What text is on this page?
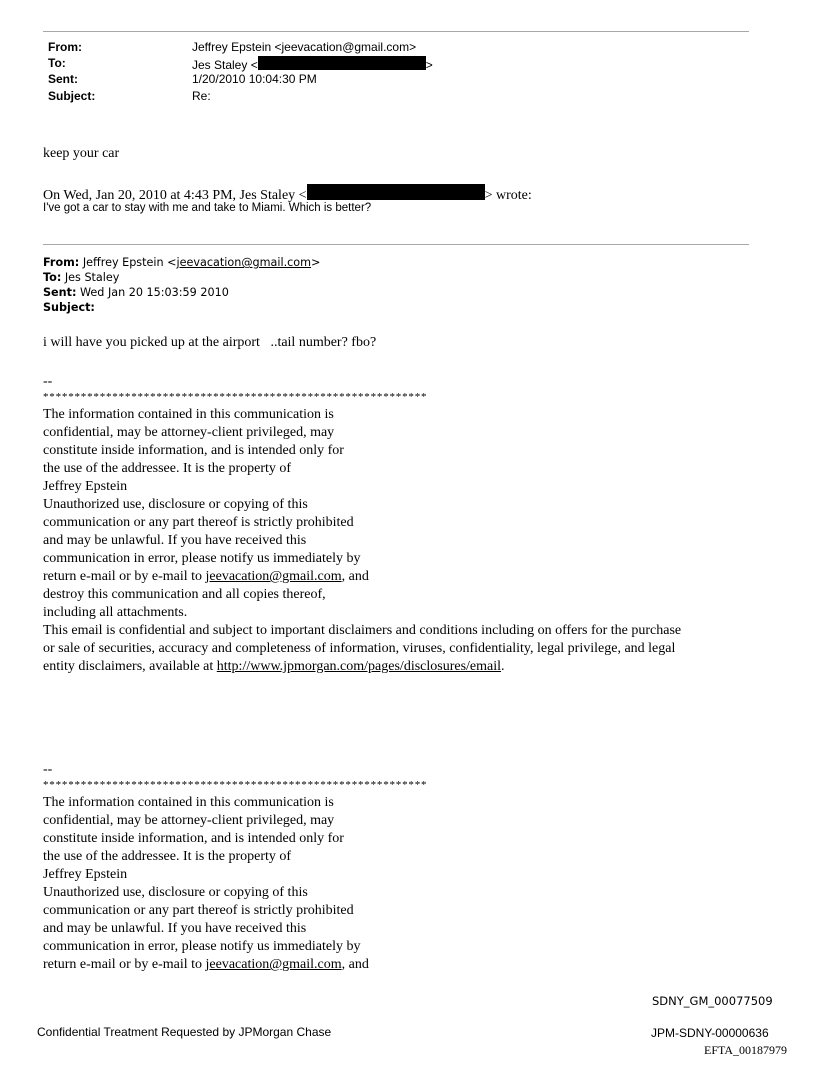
From:	Jeffrey Epstein <jeevacation@gmail.com>
To:	Jes Staley <	>
Sent:	1/20/2010 10:04:30 PM
Subject:	Re:
keep your car
On Wed, Jan 20, 2010 at 4:43 PM, Jes Staley <	> wrote:
I've got a car to stay with me and take to Miami. Which is better?
From: Jeffrey Epstein <jeevacation@gmail.com>
To: Jes Staley
Sent: Wed Jan 20 15:03:59 2010
Subject:
i will have you picked up at the airport   ..tail number? fbo?
--
*************************************************************
The information contained in this communication is
confidential, may be attorney-client privileged, may
constitute inside information, and is intended only for
the use of the addressee. It is the property of
Jeffrey Epstein
Unauthorized use, disclosure or copying of this
communication or any part thereof is strictly prohibited
and may be unlawful. If you have received this
communication in error, please notify us immediately by
return e-mail or by e-mail to jeevacation@gmail.com, and
destroy this communication and all copies thereof,
including all attachments.
This email is confidential and subject to important disclaimers and conditions including on offers for the purchase
or sale of securities, accuracy and completeness of information, viruses, confidentiality, legal privilege, and legal
entity disclaimers, available at http://www.jpmorgan.com/pages/disclosures/email.
--
*************************************************************
The information contained in this communication is
confidential, may be attorney-client privileged, may
constitute inside information, and is intended only for
the use of the addressee. It is the property of
Jeffrey Epstein
Unauthorized use, disclosure or copying of this
communication or any part thereof is strictly prohibited
and may be unlawful. If you have received this
communication in error, please notify us immediately by
return e-mail or by e-mail to jeevacation@gmail.com, and
SDNY_GM_00077509
Confidential Treatment Requested by JPMorgan Chase	JPM-SDNY-00000636
EFTA_00187979
